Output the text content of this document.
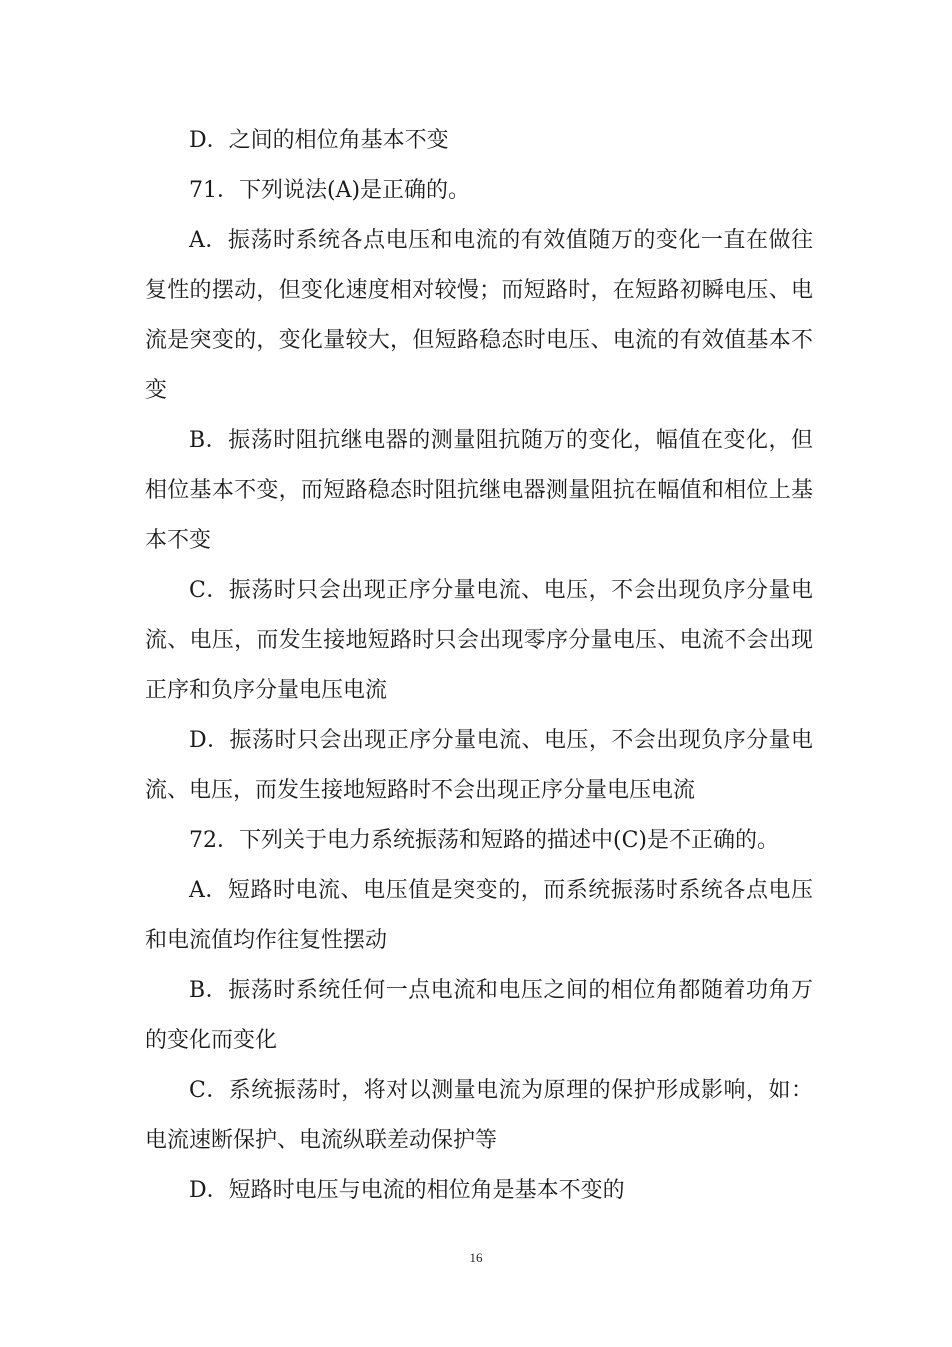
D．之间的相位角基本不变

71．下列说法(A)是正确的。

A．振荡时系统各点电压和电流的有效值随万的变化一直在做往复性的摆动，但变化速度相对较慢；而短路时，在短路初瞬电压、电流是突变的，变化量较大，但短路稳态时电压、电流的有效值基本不变

B．振荡时阻抗继电器的测量阻抗随万的变化，幅值在变化，但相位基本不变，而短路稳态时阻抗继电器测量阻抗在幅值和相位上基本不变

C．振荡时只会出现正序分量电流、电压，不会出现负序分量电流、电压，而发生接地短路时只会出现零序分量电压、电流不会出现正序和负序分量电压电流

D．振荡时只会出现正序分量电流、电压，不会出现负序分量电流、电压，而发生接地短路时不会出现正序分量电压电流

72．下列关于电力系统振荡和短路的描述中(C)是不正确的。

A．短路时电流、电压值是突变的，而系统振荡时系统各点电压和电流值均作往复性摆动

B．振荡时系统任何一点电流和电压之间的相位角都随着功角万的变化而变化

C．系统振荡时，将对以测量电流为原理的保护形成影响，如：电流速断保护、电流纵联差动保护等

D．短路时电压与电流的相位角是基本不变的

16
